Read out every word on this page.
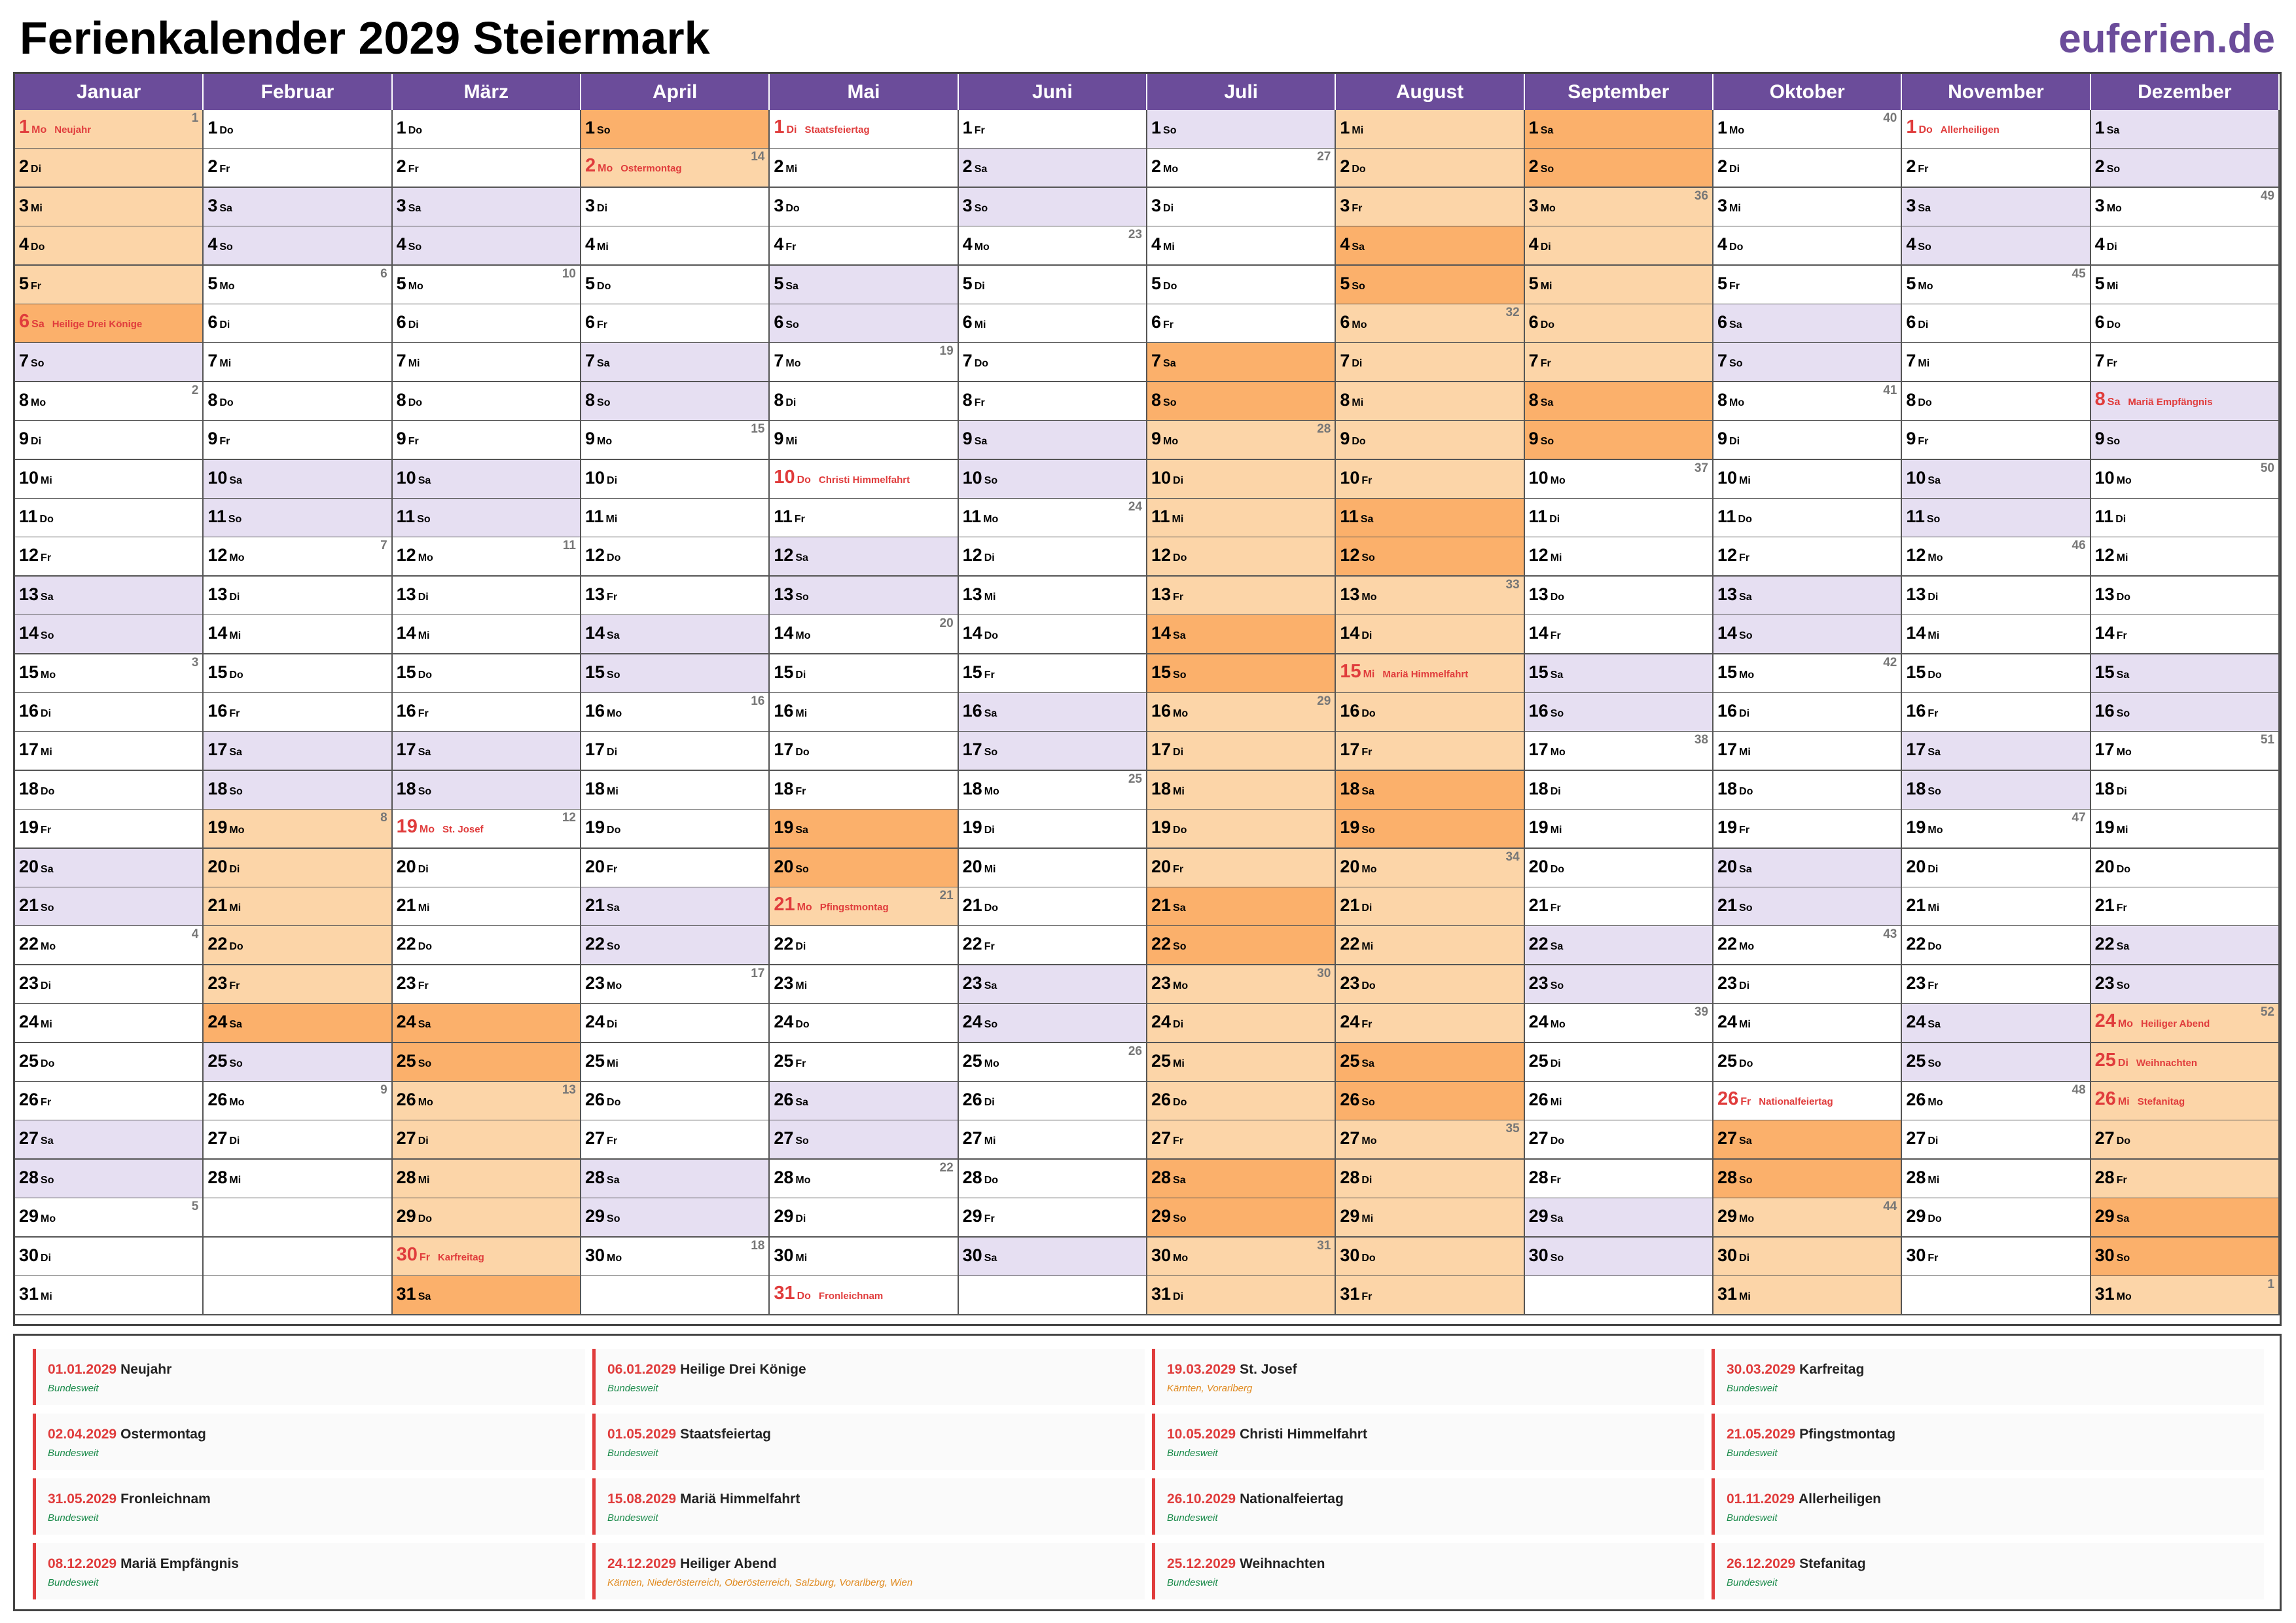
Ferienkalender 2029 Steiermark	euferien.de
Januar
1 Mo Neujahr
1
2 Di
3 Mi
4 Do
5 Fr
6 Sa Heilige Drei Könige
7 So
8 Mo
2
9 Di
10 Mi
11 Do
12 Fr
13 Sa
14 So
15 Mo
3
16 Di
17 Mi
18 Do
19 Fr
20 Sa
21 So
22 Mo
4
23 Di
24 Mi
25 Do
26 Fr
27 Sa
28 So
29 Mo
5
30 Di
31 Mi
Februar
1 Do
2 Fr
3 Sa
4 So
5 Mo
6
6 Di
7 Mi
8 Do
9 Fr
10 Sa
11 So
12 Mo
7
13 Di
14 Mi
15 Do
16 Fr
17 Sa
18 So
19 Mo
8
20 Di
21 Mi
22 Do
23 Fr
24 Sa
25 So
26 Mo
9
27 Di
28 Mi
März
1 Do
2 Fr
3 Sa
4 So
5 Mo
10
6 Di
7 Mi
8 Do
9 Fr
10 Sa
11 So
12 Mo
11
13 Di
14 Mi
15 Do
16 Fr
17 Sa
18 So
19 Mo St. Josef
12
20 Di
21 Mi
22 Do
23 Fr
24 Sa
25 So
26 Mo
13
27 Di
28 Mi
29 Do
30 Fr Karfreitag
31 Sa
April
1 So
2 Mo Ostermontag
14
3 Di
4 Mi
5 Do
6 Fr
7 Sa
8 So
9 Mo
15
10 Di
11 Mi
12 Do
13 Fr
14 Sa
15 So
16 Mo
16
17 Di
18 Mi
19 Do
20 Fr
21 Sa
22 So
23 Mo
17
24 Di
25 Mi
26 Do
27 Fr
28 Sa
29 So
30 Mo
18
Mai
1 Di Staatsfeiertag
2 Mi
3 Do
4 Fr
5 Sa
6 So
7 Mo
19
8 Di
9 Mi
10 Do Christi Himmelfahrt
11 Fr
12 Sa
13 So
14 Mo
20
15 Di
16 Mi
17 Do
18 Fr
19 Sa
20 So
21 Mo Pfingstmontag
21
22 Di
23 Mi
24 Do
25 Fr
26 Sa
27 So
28 Mo
22
29 Di
30 Mi
31 Do Fronleichnam
Juni
1 Fr
2 Sa
3 So
4 Mo
23
5 Di
6 Mi
7 Do
8 Fr
9 Sa
10 So
11 Mo
24
12 Di
13 Mi
14 Do
15 Fr
16 Sa
17 So
18 Mo
25
19 Di
20 Mi
21 Do
22 Fr
23 Sa
24 So
25 Mo
26
26 Di
27 Mi
28 Do
29 Fr
30 Sa
Juli
1 So
2 Mo
27
3 Di
4 Mi
5 Do
6 Fr
7 Sa
8 So
9 Mo
28
10 Di
11 Mi
12 Do
13 Fr
14 Sa
15 So
16 Mo
29
17 Di
18 Mi
19 Do
20 Fr
21 Sa
22 So
23 Mo
30
24 Di
25 Mi
26 Do
27 Fr
28 Sa
29 So
30 Mo
31
31 Di
August
1 Mi
2 Do
3 Fr
4 Sa
5 So
6 Mo
32
7 Di
8 Mi
9 Do
10 Fr
11 Sa
12 So
13 Mo
33
14 Di
15 Mi Mariä Himmelfahrt
16 Do
17 Fr
18 Sa
19 So
20 Mo
34
21 Di
22 Mi
23 Do
24 Fr
25 Sa
26 So
27 Mo
35
28 Di
29 Mi
30 Do
31 Fr
September
1 Sa
2 So
3 Mo
36
4 Di
5 Mi
6 Do
7 Fr
8 Sa
9 So
10 Mo
37
11 Di
12 Mi
13 Do
14 Fr
15 Sa
16 So
17 Mo
38
18 Di
19 Mi
20 Do
21 Fr
22 Sa
23 So
24 Mo
39
25 Di
26 Mi
27 Do
28 Fr
29 Sa
30 So
Oktober
1 Mo
40
2 Di
3 Mi
4 Do
5 Fr
6 Sa
7 So
8 Mo
41
9 Di
10 Mi
11 Do
12 Fr
13 Sa
14 So
15 Mo
42
16 Di
17 Mi
18 Do
19 Fr
20 Sa
21 So
22 Mo
43
23 Di
24 Mi
25 Do
26 Fr Nationalfeiertag
27 Sa
28 So
29 Mo
44
30 Di
31 Mi
November
1 Do Allerheiligen
2 Fr
3 Sa
4 So
5 Mo
45
6 Di
7 Mi
8 Do
9 Fr
10 Sa
11 So
12 Mo
46
13 Di
14 Mi
15 Do
16 Fr
17 Sa
18 So
19 Mo
47
20 Di
21 Mi
22 Do
23 Fr
24 Sa
25 So
26 Mo
48
27 Di
28 Mi
29 Do
30 Fr
Dezember
1 Sa
2 So
3 Mo
49
4 Di
5 Mi
6 Do
7 Fr
8 Sa Mariä Empfängnis
9 So
10 Mo
50
11 Di
12 Mi
13 Do
14 Fr
15 Sa
16 So
17 Mo
51
18 Di
19 Mi
20 Do
21 Fr
22 Sa
23 So
24 Mo Heiliger Abend
52
25 Di Weihnachten
26 Mi Stefanitag
27 Do
28 Fr
29 Sa
30 So
31 Mo
1
01.01.2029 Neujahr
Bundesweit
06.01.2029 Heilige Drei Könige
Bundesweit
19.03.2029 St. Josef
Kärnten, Vorarlberg
30.03.2029 Karfreitag
Bundesweit
02.04.2029 Ostermontag
Bundesweit
01.05.2029 Staatsfeiertag
Bundesweit
10.05.2029 Christi Himmelfahrt
Bundesweit
21.05.2029 Pfingstmontag
Bundesweit
31.05.2029 Fronleichnam
Bundesweit
15.08.2029 Mariä Himmelfahrt
Bundesweit
26.10.2029 Nationalfeiertag
Bundesweit
01.11.2029 Allerheiligen
Bundesweit
08.12.2029 Mariä Empfängnis
Bundesweit
24.12.2029 Heiliger Abend
Kärnten, Niederösterreich, Oberösterreich, Salzburg, Vorarlberg, Wien
25.12.2029 Weihnachten
Bundesweit
26.12.2029 Stefanitag
Bundesweit
